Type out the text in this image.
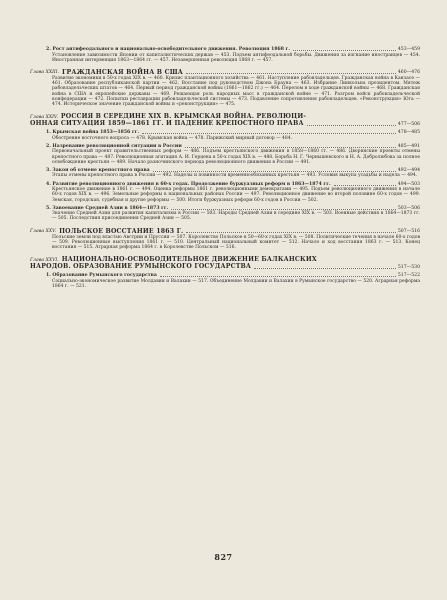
2. Рост антифеодального и национально-освободительного движения. Революция 1868 г.	453—459
Установление зависимости Японии от капиталистических держав — 453. Подъем антифеодальной борьбы. Движения за изгнание иностранцев — 454. Иностранная интервенция 1863—1864 гг. — 457. Незавершенная революция 1868 г. — 457.
Глава XXIII. ГРАЖДАНСКАЯ ВОЙНА В США	460—476
Развитие экономики в 50-х годах XIX в. — 460. Кризис плантационного хозяйства — 461. Наступление рабовладельцев. Гражданская война в Канзасе — 461. Образование республиканской партии — 462. Восстание под руководством Джона Брауна — 463. Избрание Линкольна президентом. Мятеж рабовладельческих штатов — 464. Первый период гражданской войны (1861—1862 гг.) — 464. Перелом в ходе гражданской войны — 468. Гражданская война в США и европейские державы — 469. Решающая роль народных масс в гражданской войне — 471. Разгром войск рабовладельческой конфедерации — 472. Попытки реставрации рабовладельческой системы — 473. Подавление сопротивления рабовладельцев. «Реконструкция» Юга — 474. Историческое значение гражданской войны и «реконструкции» — 475.
Глава XXIV. РОССИЯ В СЕРЕДИНЕ XIX В. КРЫМСКАЯ ВОЙНА. РЕВОЛЮЦИ-
ОННАЯ СИТУАЦИЯ 1859—1861 ГГ. И ПАДЕНИЕ КРЕПОСТНОГО ПРАВА	477—506
1. Крымская война 1853—1856 гг.	478—485
Обострение восточного вопроса — 478. Крымская война — 478. Парижский мирный договор — 484.
2. Назревание революционной ситуации в России	485—491
Первоначальный проект правительственных реформ — 486. Подъем крестьянского движения в 1858—1860 гг. — 486. Дворянские проекты отмены крепостного права — 487. Революционная агитация А. И. Герцена в 50-х годах XIX в. — 488. Борьба Н. Г. Чернышевского и Н. А. Добролюбова за полное освобождение крестьян — 489. Начало разночинского периода революционного движения в России — 491.
3. Закон об отмене крепостного права	492—494
Этапы отмены крепостного права в России — 492. Наделы и повинности временнообязанных крестьян — 493. Условия выкупа усадьбы и надела — 494.
4. Развитие революционного движения в 60-х годах. Продолжение буржуазных реформ в 1863—1874 гг.	494—503
Крестьянское движение в 1861 г. — 494. Оценка реформы 1861 г. революционными демократами — 495. Подъем революционного движения в начале 60-х годов XIX в. — 496. Земельные реформы в национальных районах России — 497. Революционное движение во второй половине 60-х годов — 499. Земская, городская, судебная и другие реформы — 500. Итоги буржуазных реформ 60-х годов в России — 502.
5. Завоевание Средней Азии в 1864—1873 гг.	503—506
Значение Средней Азии для развития капитализма в России — 503. Народы Средней Азии в середине XIX в. — 503. Военные действия в 1864—1873 гг. — 505. Последствия присоединения Средней Азии — 505.
Глава XXV. ПОЛЬСКОЕ ВОССТАНИЕ 1863 Г.	507—516
Польские земли под властью Австрии и Пруссии — 507. Королевство Польское в 50—60-х годах XIX в. — 508. Политические течения в начале 60-х годов — 509. Революционные выступления 1861 г. — 510. Центральный национальный комитет — 512. Начало и ход восстания 1863 г. — 513. Конец восстания — 515. Аграрная реформа 1864 г. в Королевстве Польском — 516.
Глава XXVI. НАЦИОНАЛЬНО-ОСВОБОДИТЕЛЬНОЕ ДВИЖЕНИЕ БАЛКАНСКИХ
НАРОДОВ. ОБРАЗОВАНИЕ РУМЫНСКОГО ГОСУДАРСТВА	517—530
1. Образование Румынского государства	517—522
Социально-экономическое развитие Молдавии и Валахии — 517. Объединение Молдавии и Валахии в Румынское государство — 520. Аграрная реформа 1864 г. — 521.
827
